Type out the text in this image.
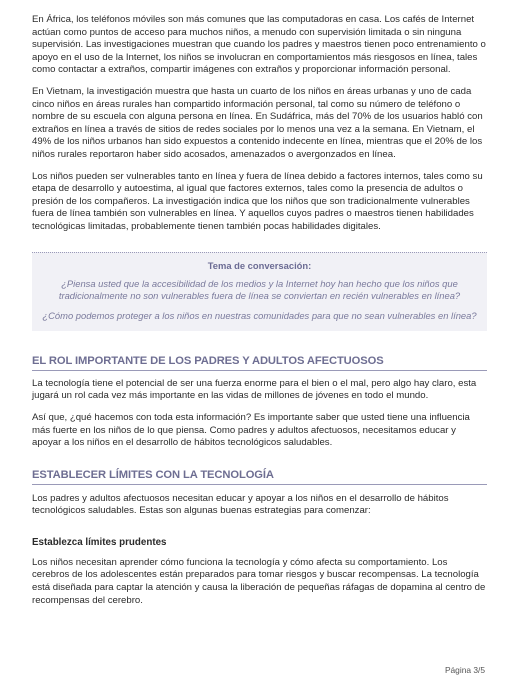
En África, los teléfonos móviles son más comunes que las computadoras en casa. Los cafés de Internet actúan como puntos de acceso para muchos niños, a menudo con supervisión limitada o sin ninguna supervisión. Las investigaciones muestran que cuando los padres y maestros tienen poco entrenamiento o apoyo en el uso de la Internet, los niños se involucran en comportamientos más riesgosos en línea, tales como contactar a extraños, compartir imágenes con extraños y proporcionar información personal.

En Vietnam, la investigación muestra que hasta un cuarto de los niños en áreas urbanas y uno de cada cinco niños en áreas rurales han compartido información personal, tal como su número de teléfono o nombre de su escuela con alguna persona en línea. En Sudáfrica, más del 70% de los usuarios habló con extraños en línea a través de sitios de redes sociales por lo menos una vez a la semana. En Vietnam, el 49% de los niños urbanos han sido expuestos a contenido indecente en línea, mientras que el 20% de los niños rurales reportaron haber sido acosados, amenazados o avergonzados en línea.

Los niños pueden ser vulnerables tanto en línea y fuera de línea debido a factores internos, tales como su etapa de desarrollo y autoestima, al igual que factores externos, tales como la presencia de adultos o presión de los compañeros. La investigación indica que los niños que son tradicionalmente vulnerables fuera de línea también son vulnerables en línea. Y aquellos cuyos padres o maestros tienen habilidades tecnológicas limitadas, probablemente tienen también pocas habilidades digitales.

Tema de conversación:
¿Piensa usted que la accesibilidad de los medios y la Internet hoy han hecho que los niños que tradicionalmente no son vulnerables fuera de línea se conviertan en recién vulnerables en línea?
¿Cómo podemos proteger a los niños en nuestras comunidades para que no sean vulnerables en línea?
EL ROL IMPORTANTE DE LOS PADRES Y ADULTOS AFECTUOSOS

La tecnología tiene el potencial de ser una fuerza enorme para el bien o el mal, pero algo hay claro, esta jugará un rol cada vez más importante en las vidas de millones de jóvenes en todo el mundo.

Así que, ¿qué hacemos con toda esta información? Es importante saber que usted tiene una influencia más fuerte en los niños de lo que piensa. Como padres y adultos afectuosos, necesitamos educar y apoyar a los niños en el desarrollo de hábitos tecnológicos saludables.

ESTABLECER LÍMITES CON LA TECNOLOGÍA

Los padres y adultos afectuosos necesitan educar y apoyar a los niños en el desarrollo de hábitos tecnológicos saludables. Estas son algunas buenas estrategias para comenzar:

Establezca límites prudentes

Los niños necesitan aprender cómo funciona la tecnología y cómo afecta su comportamiento. Los cerebros de los adolescentes están preparados para tomar riesgos y buscar recompensas. La tecnología está diseñada para captar la atención y causa la liberación de pequeñas ráfagas de dopamina al centro de recompensas del cerebro.

Página 3/5
